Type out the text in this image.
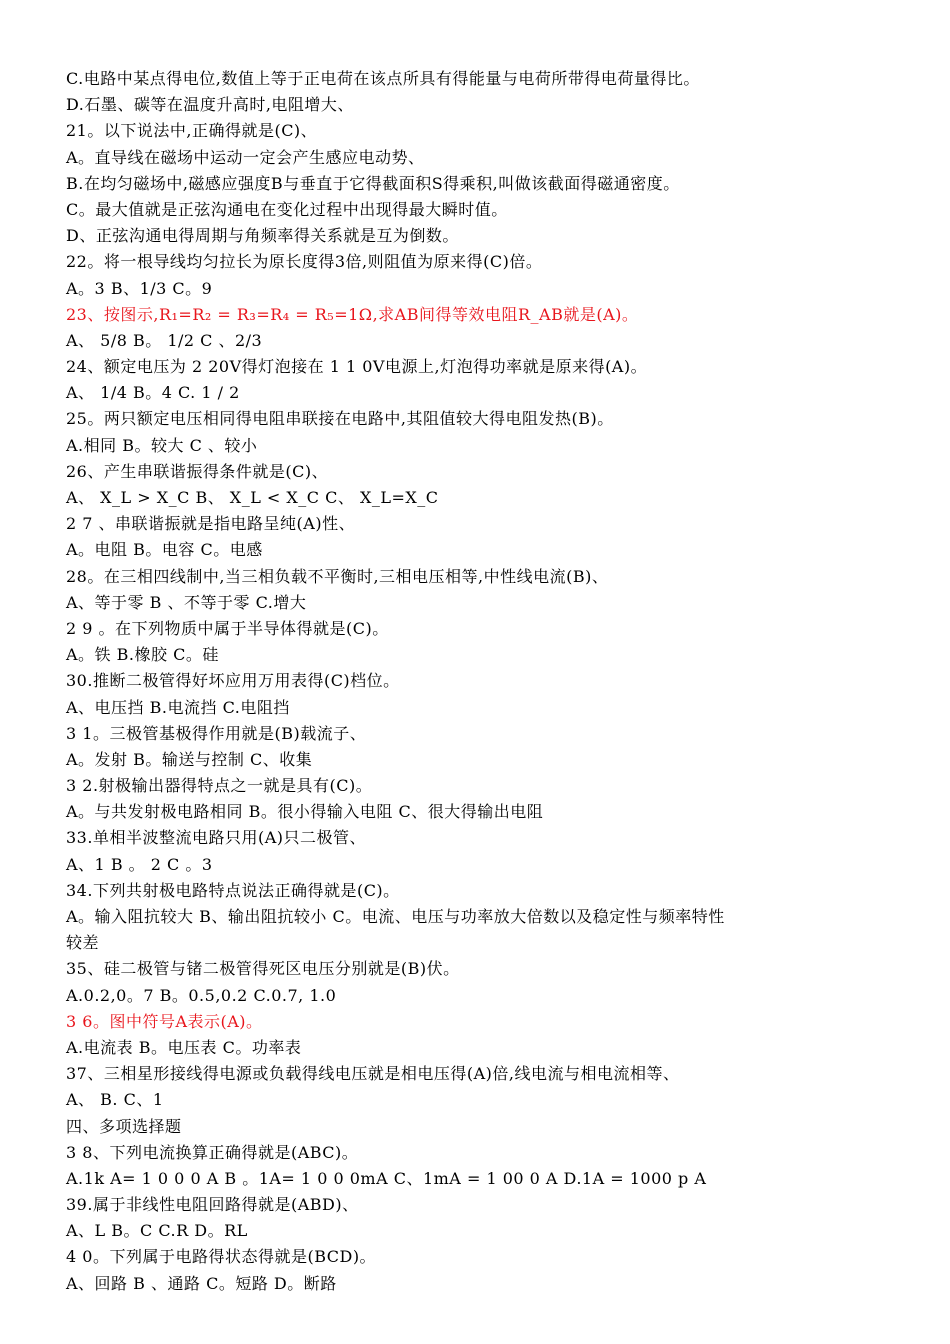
C.电路中某点得电位,数值上等于正电荷在该点所具有得能量与电荷所带得电荷量得比。
D.石墨、碳等在温度升高时,电阻增大、
21。以下说法中,正确得就是(C)、
A。直导线在磁场中运动一定会产生感应电动势、
B.在均匀磁场中,磁感应强度B与垂直于它得截面积S得乘积,叫做该截面得磁通密度。
C。最大值就是正弦沟通电在变化过程中出现得最大瞬时值。
D、正弦沟通电得周期与角频率得关系就是互为倒数。
22。将一根导线均匀拉长为原长度得3倍,则阻值为原来得(C)倍。
A。3 B、1/3 C。9
23、按图示,R₁=R₂ = R₃=R₄ = R₅=1Ω,求AB间得等效电阻R_AB就是(A)。
A、 5/8 B。 1/2 C 、2/3
24、额定电压为 2 20V得灯泡接在 1 1 0V电源上,灯泡得功率就是原来得(A)。
A、 1/4 B。4 C. 1 / 2
25。两只额定电压相同得电阻串联接在电路中,其阻值较大得电阻发热(B)。
A.相同 B。较大 C 、较小
26、产生串联谐振得条件就是(C)、
A、 X_L > X_C B、 X_L < X_C C、 X_L=X_C
2 7 、串联谐振就是指电路呈纯(A)性、
A。电阻 B。电容 C。电感
28。在三相四线制中,当三相负载不平衡时,三相电压相等,中性线电流(B)、
A、等于零 B 、不等于零 C.增大
2 9 。在下列物质中属于半导体得就是(C)。
A。铁 B.橡胶 C。硅
30.推断二极管得好坏应用万用表得(C)档位。
A、电压挡 B.电流挡 C.电阻挡
3 1。三极管基极得作用就是(B)载流子、
A。发射 B。输送与控制 C、收集
3 2.射极输出器得特点之一就是具有(C)。
A。与共发射极电路相同 B。很小得输入电阻 C、很大得输出电阻
33.单相半波整流电路只用(A)只二极管、
A、1 B 。 2 C 。3
34.下列共射极电路特点说法正确得就是(C)。
A。输入阻抗较大 B、输出阻抗较小 C。电流、电压与功率放大倍数以及稳定性与频率特性
较差
35、硅二极管与锗二极管得死区电压分别就是(B)伏。
A.0.2,0。7 B。0.5,0.2 C.0.7, 1.0
3 6。图中符号A表示(A)。
A.电流表 B。电压表 C。功率表
37、三相星形接线得电源或负载得线电压就是相电压得(A)倍,线电流与相电流相等、
A、 B. C、1
四、多项选择题
3 8、下列电流换算正确得就是(ABC)。
A.1k A= 1 0 0 0 A B 。1A= 1 0 0 0mA C、1mA = 1 00 0 A D.1A = 1000 p A
39.属于非线性电阻回路得就是(ABD)、
A、L B。C C.R D。RL
4 0。下列属于电路得状态得就是(BCD)。
A、回路 B 、通路 C。短路 D。断路
